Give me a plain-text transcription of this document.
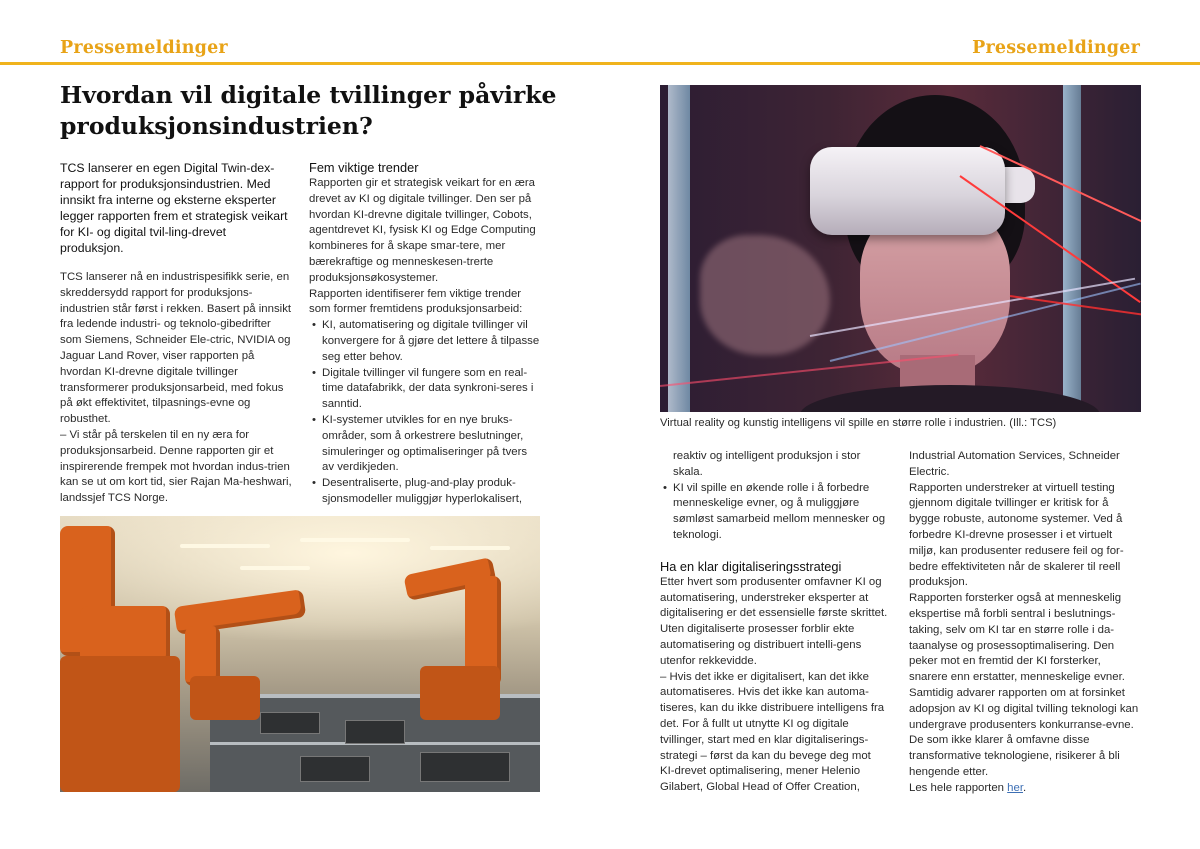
Pressemeldinger	Pressemeldinger
Hvordan vil digitale tvillinger påvirke produksjonsindustrien?

TCS lanserer en egen Digital Twin-dex-rapport for produksjonsindustrien. Med innsikt fra interne og eksterne eksperter legger rapporten frem et strategisk veikart for KI- og digital tvil-ling-drevet produksjon.

TCS lanserer nå en industrispesifikk serie, en skreddersydd rapport for produksjons-industrien står først i rekken. Basert på innsikt fra ledende industri- og teknolo-gibedrifter som Siemens, Schneider Ele-ctric, NVIDIA og Jaguar Land Rover, viser rapporten på hvordan KI-drevne digitale tvillinger transformerer produksjonsarbeid, med fokus på økt effektivitet, tilpasnings-evne og robusthet.

– Vi står på terskelen til en ny æra for produksjonsarbeid. Denne rapporten gir et inspirerende frempek mot hvordan indus-trien kan se ut om kort tid, sier Rajan Ma-heshwari, landssjef TCS Norge.

Fem viktige trender

Rapporten gir et strategisk veikart for en æra drevet av KI og digitale tvillinger. Den ser på hvordan KI-drevne digitale tvillinger, Cobots, agentdrevet KI, fysisk KI og Edge Computing kombineres for å skape smar-tere, mer bærekraftige og menneskesen-trerte produksjonsøkosystemer.

Rapporten identifiserer fem viktige trender som former fremtidens produksjonsarbeid:

• KI, automatisering og digitale tvillinger vil konvergere for å gjøre det lettere å tilpasse seg etter behov.
• Digitale tvillinger vil fungere som en real-time datafabrikk, der data synkroni-seres i sanntid.
• KI-systemer utvikles for en nye bruks-områder, som å orkestrere beslutninger, simuleringer og optimaliseringer på tvers av verdikjeden.
• Desentraliserte, plug-and-play produk-sjonsmodeller muliggjør hyperlokalisert,
Virtual reality og kunstig intelligens vil spille en større rolle i industrien. (Ill.: TCS)

reaktiv og intelligent produksjon i stor skala.

• KI vil spille en økende rolle i å forbedre menneskelige evner, og å muliggjøre sømløst samarbeid mellom mennesker og teknologi.

Ha en klar digitaliseringsstrategi

Etter hvert som produsenter omfavner KI og automatisering, understreker eksperter at digitalisering er det essensielle første skrittet. Uten digitaliserte prosesser forblir ekte automatisering og distribuert intelli-gens utenfor rekkevidde.

– Hvis det ikke er digitalisert, kan det ikke automatiseres. Hvis det ikke kan automa-tiseres, kan du ikke distribuere intelligens fra det. For å fullt ut utnytte KI og digitale tvillinger, start med en klar digitaliserings-strategi – først da kan du bevege deg mot KI-drevet optimalisering, mener Helenio Gilabert, Global Head of Offer Creation,

Industrial Automation Services, Schneider Electric.

Rapporten understreker at virtuell testing gjennom digitale tvillinger er kritisk for å bygge robuste, autonome systemer. Ved å forbedre KI-drevne prosesser i et virtuelt miljø, kan produsenter redusere feil og for-bedre effektiviteten når de skalerer til reell produksjon.

Rapporten forsterker også at menneskelig ekspertise må forbli sentral i beslutnings-taking, selv om KI tar en større rolle i da-taanalyse og prosessoptimalisering. Den peker mot en fremtid der KI forsterker, snarere enn erstatter, menneskelige evner. Samtidig advarer rapporten om at forsinket adopsjon av KI og digital tvilling teknologi kan undergrave produsenters konkurranse-evne. De som ikke klarer å omfavne disse transformative teknologiene, risikerer å bli hengende etter.

Les hele rapporten her.
